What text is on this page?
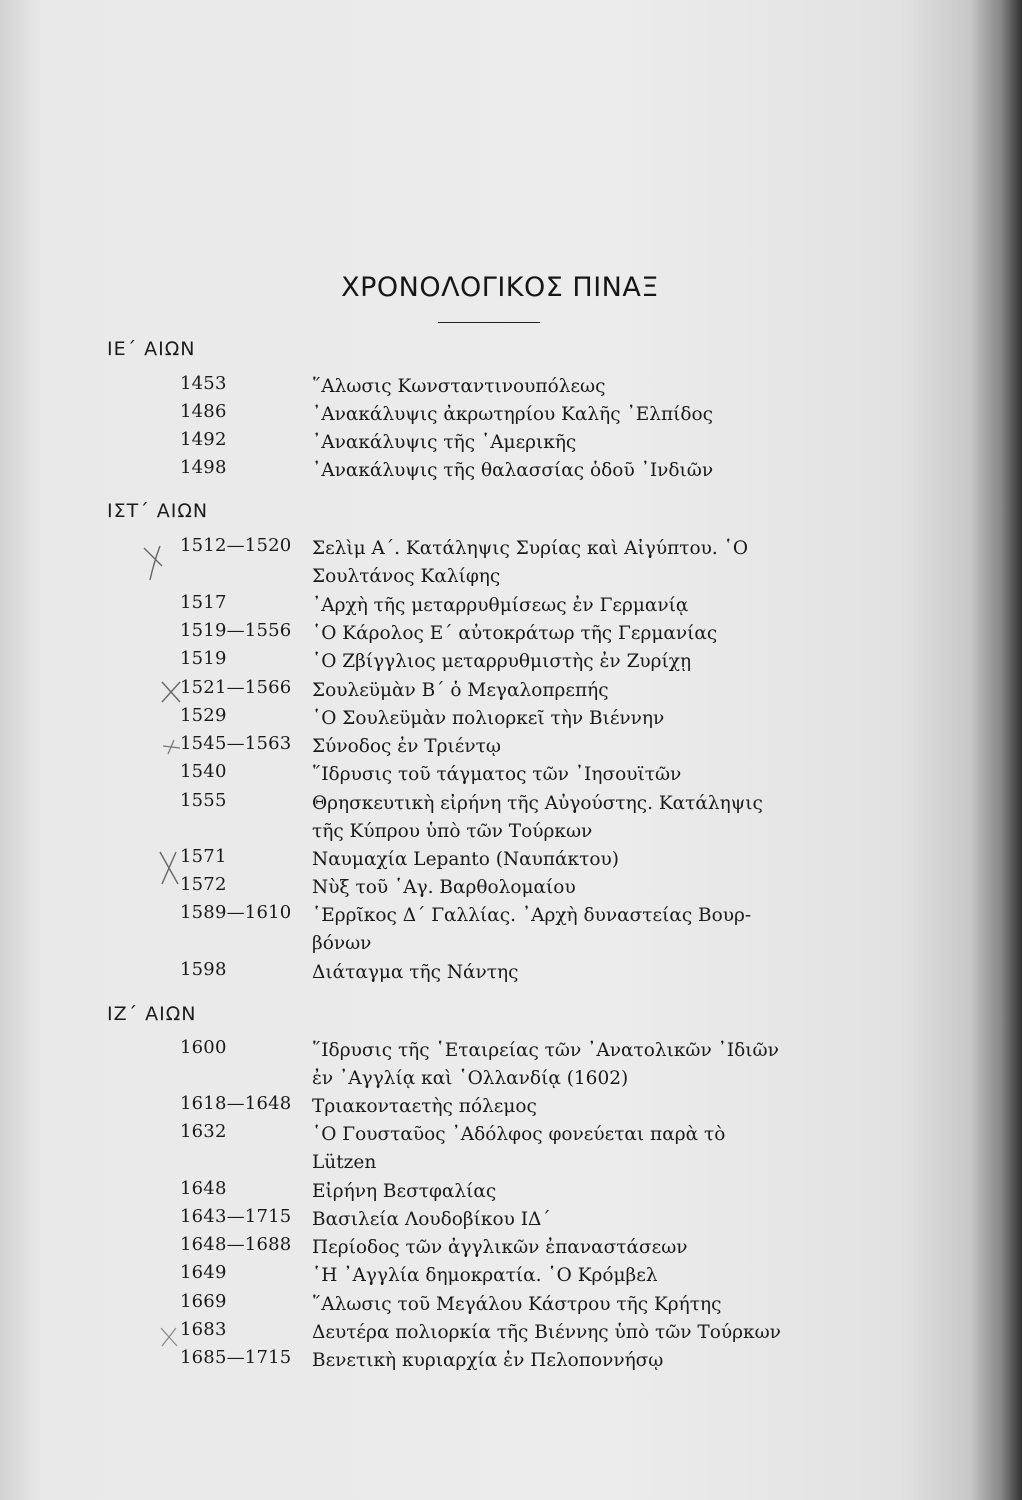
ΧΡΟΝΟΛΟΓΙΚΟΣ ΠΙΝΑΞ
ΙΕ΄ ΑΙΩΝ
1453	῞Αλωσις Κωνσταντινουπόλεως
1486	᾿Ανακάλυψις ἀκρωτηρίου Καλῆς ᾿Ελπίδος
1492	᾿Ανακάλυψις τῆς ῾Αμερικῆς
1498	᾿Ανακάλυψις τῆς θαλασσίας ὁδοῦ ᾿Ινδιῶν
ΙΣΤ΄ ΑΙΩΝ
1512—1520	Σελὶμ Α΄. Κατάληψις Συρίας καὶ Αἰγύπτου. ῾Ο
Σουλτάνος Καλίφης
1517	᾿Αρχὴ τῆς μεταρρυθμίσεως ἐν Γερμανίᾳ
1519—1556	῾Ο Κάρολος Ε΄ αὐτοκράτωρ τῆς Γερμανίας
1519	῾Ο Ζβίγγλιος μεταρρυθμιστὴς ἐν Ζυρίχῃ
1521—1566	Σουλεϋμὰν Β΄ ὁ Μεγαλοπρεπής
1529	῾Ο Σουλεϋμὰν πολιορκεῖ τὴν Βιέννην
1545—1563	Σύνοδος ἐν Τριέντῳ
1540	῞Ιδρυσις τοῦ τάγματος τῶν ᾿Ιησουϊτῶν
1555	Θρησκευτικὴ εἰρήνη τῆς Αὐγούστης. Κατάληψις
τῆς Κύπρου ὑπὸ τῶν Τούρκων
1571	Ναυμαχία Lepanto (Ναυπάκτου)
1572	Νὺξ τοῦ ῾Αγ. Βαρθολομαίου
1589—1610	῾Ερρῖκος Δ΄ Γαλλίας. ᾿Αρχὴ δυναστείας Βουρ-
βόνων
1598	Διάταγμα τῆς Νάντης
ΙΖ΄ ΑΙΩΝ
1600	῞Ιδρυσις τῆς ῾Εταιρείας τῶν ᾿Ανατολικῶν ᾿Ιδιῶν
ἐν ᾿Αγγλίᾳ καὶ ῾Ολλανδίᾳ (1602)
1618—1648	Τριακονταετὴς πόλεμος
1632	῾Ο Γουσταῦος ᾿Αδόλφος φονεύεται παρὰ τὸ
Lützen
1648	Εἰρήνη Βεστφαλίας
1643—1715	Βασιλεία Λουδοβίκου ΙΔ΄
1648—1688	Περίοδος τῶν ἀγγλικῶν ἐπαναστάσεων
1649	῾Η ᾿Αγγλία δημοκρατία. ῾Ο Κρόμβελ
1669	῞Αλωσις τοῦ Μεγάλου Κάστρου τῆς Κρήτης
1683	Δευτέρα πολιορκία τῆς Βιέννης ὑπὸ τῶν Τούρκων
1685—1715	Βενετικὴ κυριαρχία ἐν Πελοποννήσῳ
